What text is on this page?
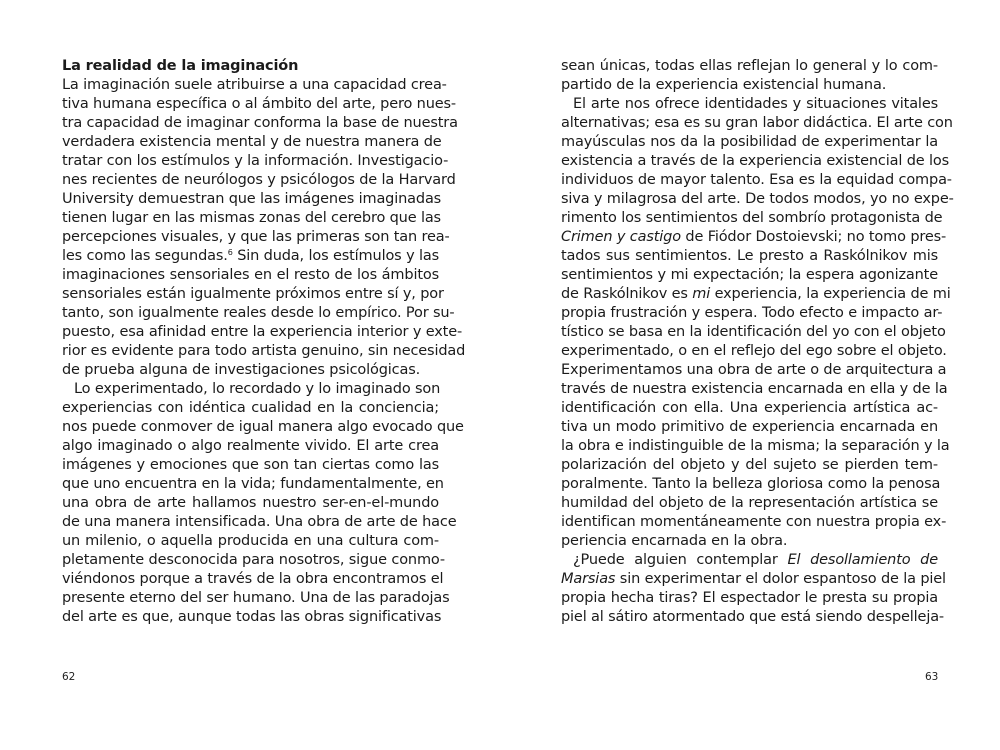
La realidad de la imaginación
La imaginación suele atribuirse a una capacidad crea-
tiva humana específica o al ámbito del arte, pero nues-
tra capacidad de imaginar conforma la base de nuestra
verdadera existencia mental y de nuestra manera de
tratar con los estímulos y la información. Investigacio-
nes recientes de neurólogos y psicólogos de la Harvard
University demuestran que las imágenes imaginadas
tienen lugar en las mismas zonas del cerebro que las
percepciones visuales, y que las primeras son tan rea-
les como las segundas.$^6$ Sin duda, los estímulos y las
imaginaciones sensoriales en el resto de los ámbitos
sensoriales están igualmente próximos entre sí y, por
tanto, son igualmente reales desde lo empírico. Por su-
puesto, esa afinidad entre la experiencia interior y exte-
rior es evidente para todo artista genuino, sin necesidad
de prueba alguna de investigaciones psicológicas.
Lo experimentado, lo recordado y lo imaginado son
experiencias con idéntica cualidad en la conciencia;
nos puede conmover de igual manera algo evocado que
algo imaginado o algo realmente vivido. El arte crea
imágenes y emociones que son tan ciertas como las
que uno encuentra en la vida; fundamentalmente, en
una obra de arte hallamos nuestro ser-en-el-mundo
de una manera intensificada. Una obra de arte de hace
un milenio, o aquella producida en una cultura com-
pletamente desconocida para nosotros, sigue conmo-
viéndonos porque a través de la obra encontramos el
presente eterno del ser humano. Una de las paradojas
del arte es que, aunque todas las obras significativas
62
sean únicas, todas ellas reflejan lo general y lo com-
partido de la experiencia existencial humana.
El arte nos ofrece identidades y situaciones vitales
alternativas; esa es su gran labor didáctica. El arte con
mayúsculas nos da la posibilidad de experimentar la
existencia a través de la experiencia existencial de los
individuos de mayor talento. Esa es la equidad compa-
siva y milagrosa del arte. De todos modos, yo no expe-
rimento los sentimientos del sombrío protagonista de
Crimen y castigo de Fiódor Dostoievski; no tomo pres-
tados sus sentimientos. Le presto a Raskólnikov mis
sentimientos y mi expectación; la espera agonizante
de Raskólnikov es mi experiencia, la experiencia de mi
propia frustración y espera. Todo efecto e impacto ar-
tístico se basa en la identificación del yo con el objeto
experimentado, o en el reflejo del ego sobre el objeto.
Experimentamos una obra de arte o de arquitectura a
través de nuestra existencia encarnada en ella y de la
identificación con ella. Una experiencia artística ac-
tiva un modo primitivo de experiencia encarnada en
la obra e indistinguible de la misma; la separación y la
polarización del objeto y del sujeto se pierden tem-
poralmente. Tanto la belleza gloriosa como la penosa
humildad del objeto de la representación artística se
identifican momentáneamente con nuestra propia ex-
periencia encarnada en la obra.
¿Puede alguien contemplar El desollamiento de
Marsias sin experimentar el dolor espantoso de la piel
propia hecha tiras? El espectador le presta su propia
piel al sátiro atormentado que está siendo despelleja-
63
